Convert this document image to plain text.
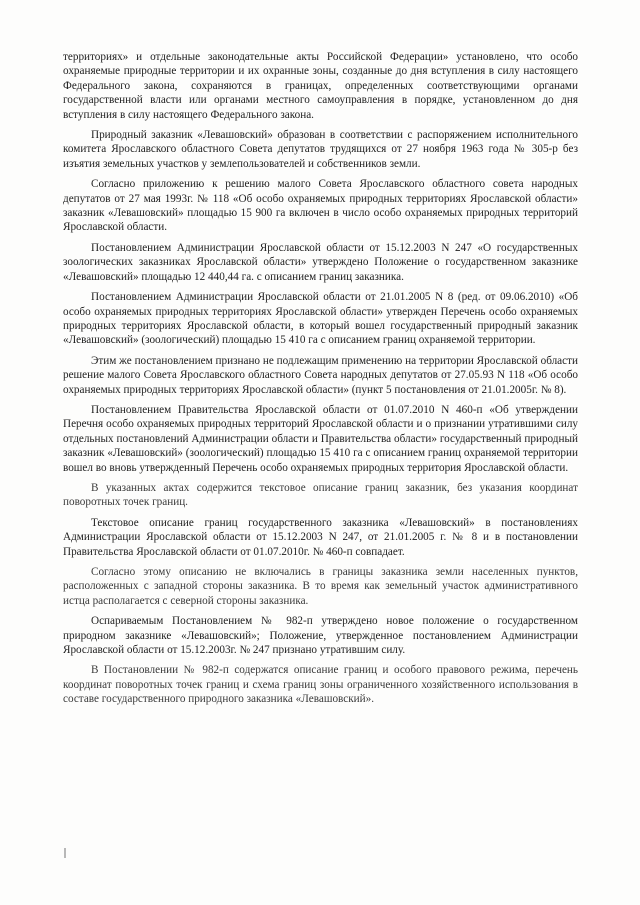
территориях» и отдельные законодательные акты Российской Федерации» установлено, что особо охраняемые природные территории и их охранные зоны, созданные до дня вступления в силу настоящего Федерального закона, сохраняются в границах, определенных соответствующими органами государственной власти или органами местного самоуправления в порядке, установленном до дня вступления в силу настоящего Федерального закона.

Природный заказник «Левашовский» образован в соответствии с распоряжением исполнительного комитета Ярославского областного Совета депутатов трудящихся от 27 ноября 1963 года № 305-р без изъятия земельных участков у землепользователей и собственников земли.

Согласно приложению к решению малого Совета Ярославского областного совета народных депутатов от 27 мая 1993г. № 118 «Об особо охраняемых природных территориях Ярославской области» заказник «Левашовский» площадью 15 900 га включен в число особо охраняемых природных территорий Ярославской области.

Постановлением Администрации Ярославской области от 15.12.2003 N 247 «О государственных зоологических заказниках Ярославской области» утверждено Положение о государственном заказнике «Левашовский» площадью 12 440,44 га. с описанием границ заказника.

Постановлением Администрации Ярославской области от 21.01.2005 N 8 (ред. от 09.06.2010) «Об особо охраняемых природных территориях Ярославской области» утвержден Перечень особо охраняемых природных территориях Ярославской области, в который вошел государственный природный заказник «Левашовский» (зоологический) площадью 15 410 га с описанием границ охраняемой территории.

Этим же постановлением признано не подлежащим применению на территории Ярославской области решение малого Совета Ярославского областного Совета народных депутатов от 27.05.93 N 118 «Об особо охраняемых природных территориях Ярославской области» (пункт 5 постановления от 21.01.2005г. № 8).

Постановлением Правительства Ярославской области от 01.07.2010 N 460-п «Об утверждении Перечня особо охраняемых природных территорий Ярославской области и о признании утратившими силу отдельных постановлений Администрации области и Правительства области» государственный природный заказник «Левашовский» (зоологический) площадью 15 410 га с описанием границ охраняемой территории вошел во вновь утвержденный Перечень особо охраняемых природных территория Ярославской области.

В указанных актах содержится текстовое описание границ заказник, без указания координат поворотных точек границ.

Текстовое описание границ государственного заказника «Левашовский» в постановлениях Администрации Ярославской области от 15.12.2003 N 247, от 21.01.2005 г. № 8 и в постановлении Правительства Ярославской области от 01.07.2010г. № 460-п совпадает.

Согласно этому описанию не включались в границы заказника земли населенных пунктов, расположенных с западной стороны заказника. В то время как земельный участок административного истца располагается с северной стороны заказника.

Оспариваемым Постановлением № 982-п утверждено новое положение о государственном природном заказнике «Левашовский»; Положение, утвержденное постановлением Администрации Ярославской области от 15.12.2003г. № 247 признано утратившим силу.

В Постановлении № 982-п содержатся описание границ и особого правового режима, перечень координат поворотных точек границ и схема границ зоны ограниченного хозяйственного использования в составе государственного природного заказника «Левашовский».
